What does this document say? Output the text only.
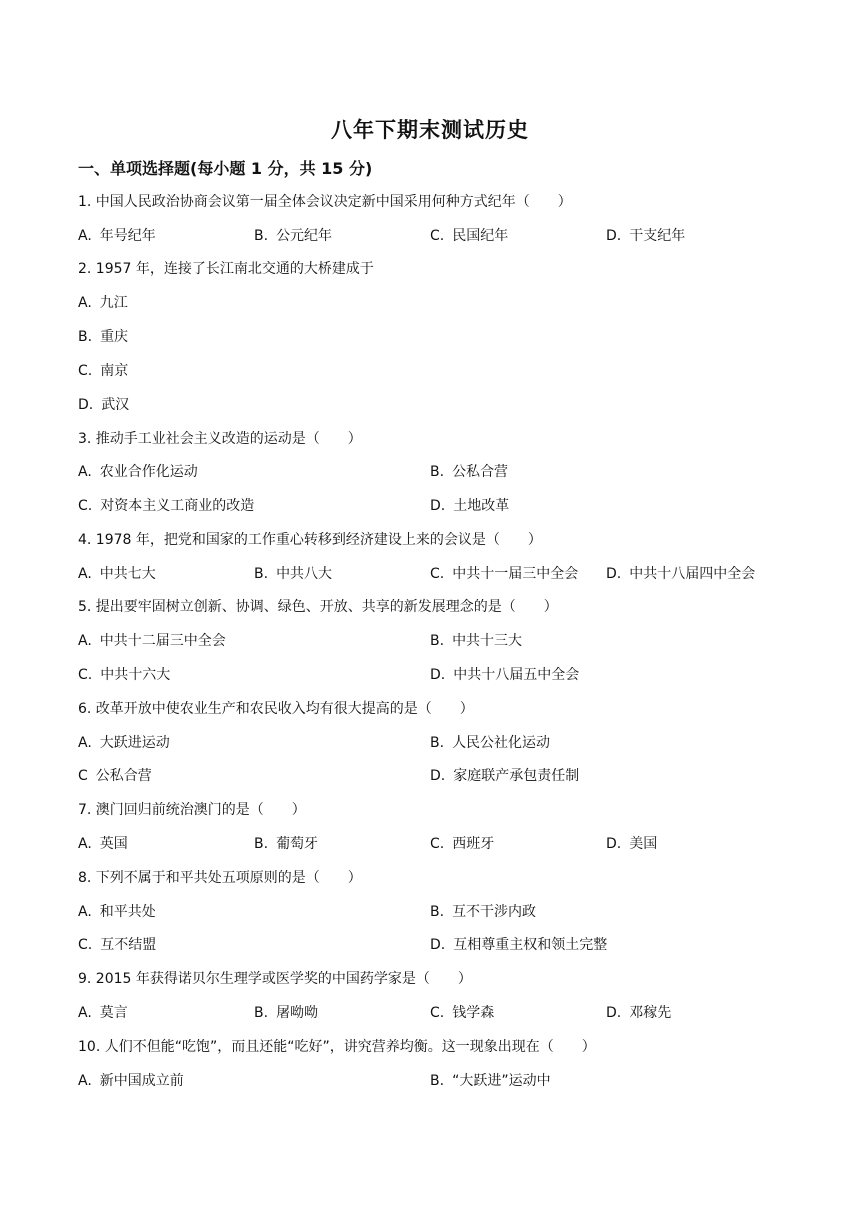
八年下期末测试历史
一、单项选择题(每小题 1 分，共 15 分)
1. 中国人民政治协商会议第一届全体会议决定新中国采用何种方式纪年（　　）
A. 年号纪年	B. 公元纪年	C. 民国纪年	D. 干支纪年
2. 1957 年，连接了长江南北交通的大桥建成于
A. 九江
B. 重庆
C. 南京
D. 武汉
3. 推动手工业社会主义改造的运动是（　　）
A. 农业合作化运动	B. 公私合营
C. 对资本主义工商业的改造	D. 土地改革
4. 1978 年，把党和国家的工作重心转移到经济建设上来的会议是（　　）
A. 中共七大	B. 中共八大	C. 中共十一届三中全会 D. 中共十八届四中全会
5. 提出要牢固树立创新、协调、绿色、开放、共享的新发展理念的是（　　）
A. 中共十二届三中全会	B. 中共十三大
C. 中共十六大	D. 中共十八届五中全会
6. 改革开放中使农业生产和农民收入均有很大提高的是（　　）
A. 大跃进运动	B. 人民公社化运动
C 公私合营	D. 家庭联产承包责任制
7. 澳门回归前统治澳门的是（　　）
A. 英国	B. 葡萄牙	C. 西班牙	D. 美国
8. 下列不属于和平共处五项原则的是（　　）
A. 和平共处	B. 互不干涉内政
C. 互不结盟	D. 互相尊重主权和领土完整
9. 2015 年获得诺贝尔生理学或医学奖的中国药学家是（　　）
A. 莫言	B. 屠呦呦	C. 钱学森	D. 邓稼先
10. 人们不但能“吃饱”，而且还能“吃好”，讲究营养均衡。这一现象出现在（　　）
A. 新中国成立前	B. “大跃进”运动中
